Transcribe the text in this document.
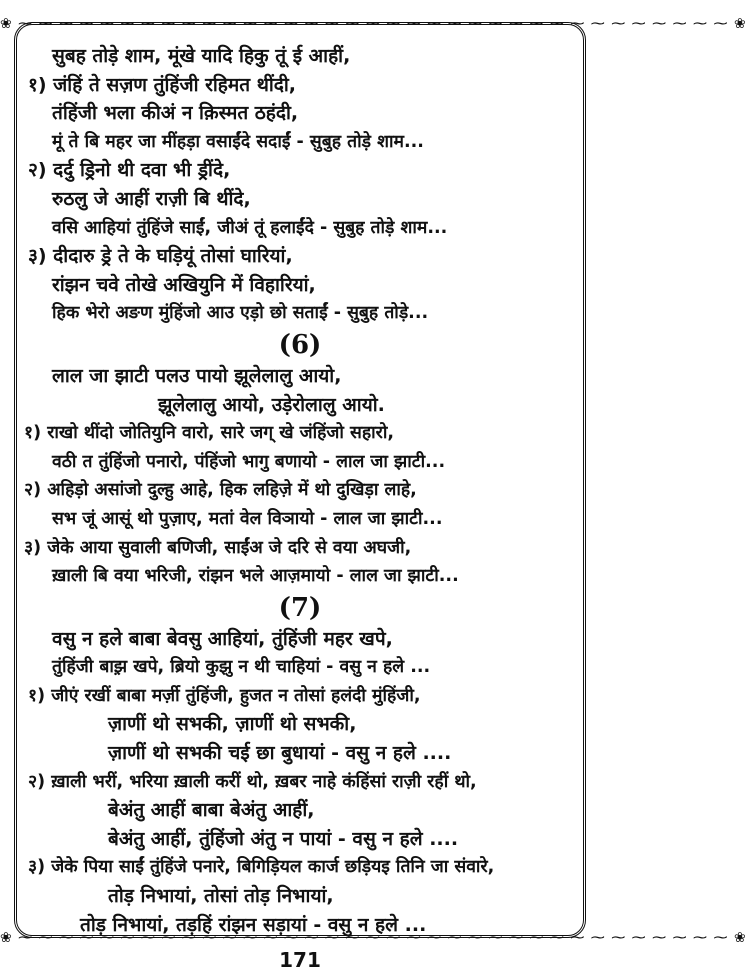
❀ ⁓ ⁓ ⁓ ⁓ ⁓ ⁓ ⁓ ⁓ ⁓ ⁓ ⁓ ⁓ ⁓ ⁓ ⁓ ⁓ ⁓ ⁓ ⁓ ⁓ ⁓ ⁓ ⁓ ⁓ ⁓ ⁓ ⁓ ⁓ ⁓ ⁓ ⁓ ⁓ ⁓ ⁓ ⁓ ❀
सुबह तोड़े शाम, मूंखे यादि हिकु तूं ई आहीं,
१) जंहिं ते सज़ण तुंहिंजी रहिमत थींदी,
तंहिंजी भला कीअं न क़िस्मत ठहंदी,
मूं ते बि महर जा मींहड़ा वसाईंदे सदाईं - सुबुह तोड़े शाम...
२) दर्दु ड्रिनो थी दवा भी ड्रींदे,
रुठलु जे आहीं राज़ी बि थींदे,
वसि आहियां तुंहिंजे साईं, जीअं तूं हलाईंदे - सुबुह तोड़े शाम...
३) दीदारु ड्रे ते के घड़ियूं तोसां घारियां,
रांझन चवे तोखे अखियुनि में विहारियां,
हिक भेरो अङण मुंहिंजो आउ एड़ो छो सताईं - सुबुह तोड़े...
(6)
लाल जा झाटी पलउ पायो झूलेलालु आयो,
झूलेलालु आयो, उड़ेरोलालु आयो.
१) राखो थींदो जोतियुनि वारो, सारे जग् खे जंहिंजो सहारो,
वठी त तुंहिंजो पनारो, पंहिंजो भागु बणायो - लाल जा झाटी...
२) अहिड़ो असांजो दुल्हु आहे, हिक लहिज़े में थो दुखिड़ा लाहे,
सभ जूं आसूं थो पुज़ाए, मतां वेल विञायो - लाल जा झाटी...
३) जेके आया सुवाली बणिजी, साईंअ जे दरि से वया अघजी,
ख़ाली बि वया भरिजी, रांझन भले आज़मायो - लाल जा झाटी...
(7)
वसु न हले बाबा बेवसु आहियां, तुंहिंजी महर खपे,
तुंहिंजी बाझ़ खपे, ब्रियो कुझु न थी चाहियां - वसु न हले ...
१) जीएं रखीं बाबा मर्ज़ी तुंहिंजी, हुजत न तोसां हलंदी मुंहिंजी,
ज़ाणीं थो सभकी, ज़ाणीं थो सभकी,
ज़ाणीं थो सभकी चई छा बुधायां - वसु न हले ....
२) ख़ाली भरीं, भरिया ख़ाली करीं थो, ख़बर नाहे कंहिंसां राज़ी रहीं थो,
बेअंतु आहीं बाबा बेअंतु आहीं,
बेअंतु आहीं, तुंहिंजो अंतु न पायां - वसु न हले ....
३) जेके पिया साईं तुंहिंजे पनारे, बिगिड़ियल कार्ज छड़ियइ तिनि जा संवारे,
तोड़ निभायां, तोसां तोड़ निभायां,
तोड़ निभायां, तड़हिं रांझन सड़ायां - वसु न हले ...
❀ ⁓ ⁓ ⁓ ⁓ ⁓ ⁓ ⁓ ⁓ ⁓ ⁓ ⁓ ⁓ ⁓ ⁓ ⁓ ⁓ ⁓ ⁓ ⁓ ⁓ ⁓ ⁓ ⁓ ⁓ ⁓ ⁓ ⁓ ⁓ ⁓ ⁓ ⁓ ⁓ ⁓ ⁓ ⁓ ❀
171
